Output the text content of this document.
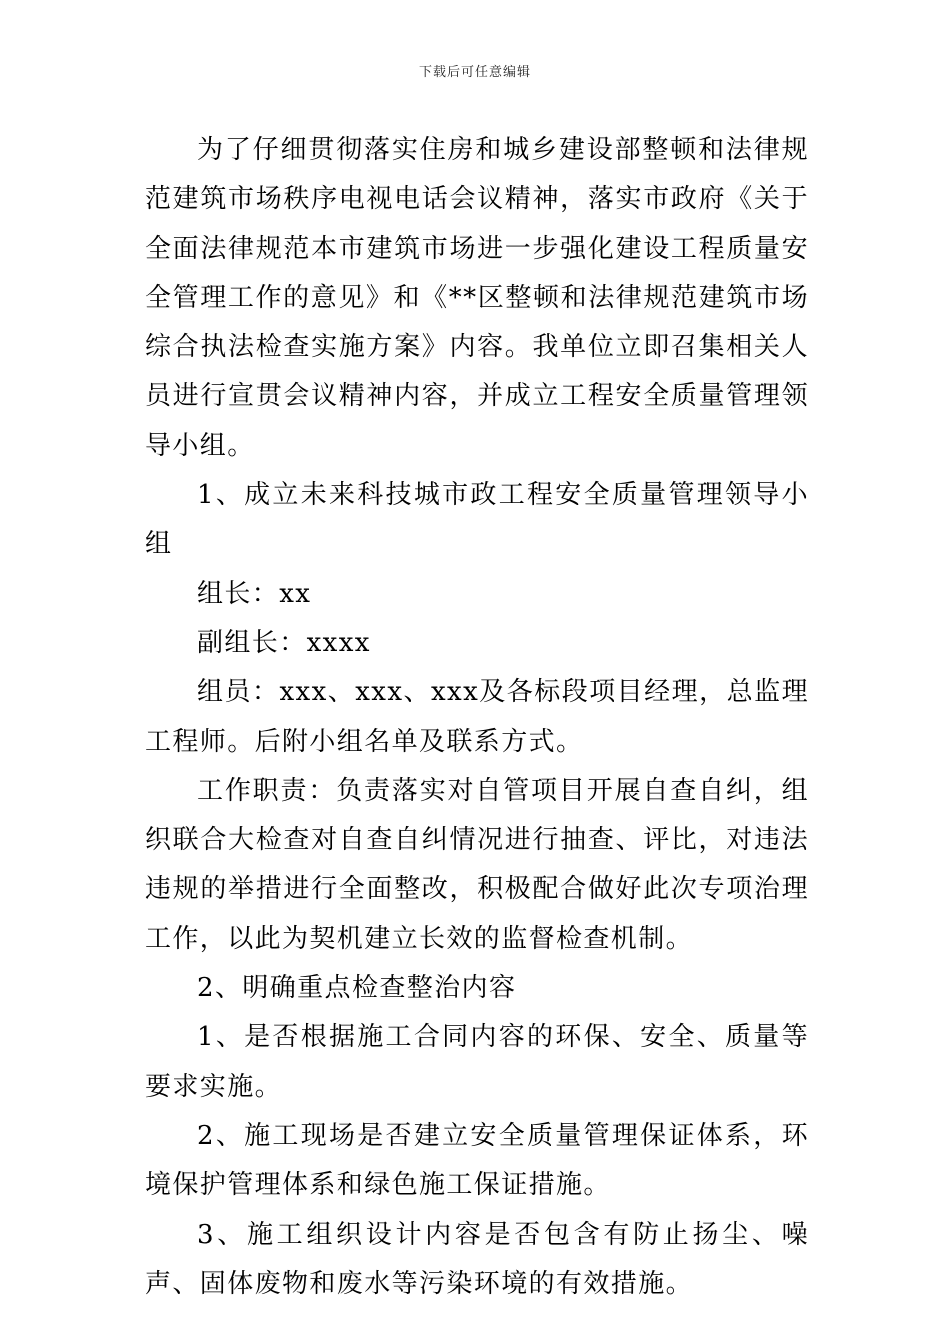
下载后可任意编辑

为了仔细贯彻落实住房和城乡建设部整顿和法律规范建筑市场秩序电视电话会议精神，落实市政府《关于全面法律规范本市建筑市场进一步强化建设工程质量安全管理工作的意见》和《**区整顿和法律规范建筑市场综合执法检查实施方案》内容。我单位立即召集相关人员进行宣贯会议精神内容，并成立工程安全质量管理领导小组。

1、成立未来科技城市政工程安全质量管理领导小组

组长：xx

副组长：xxxx

组员：xxx、xxx、xxx及各标段项目经理，总监理工程师。后附小组名单及联系方式。

工作职责：负责落实对自管项目开展自查自纠，组织联合大检查对自查自纠情况进行抽查、评比，对违法违规的举措进行全面整改，积极配合做好此次专项治理工作，以此为契机建立长效的监督检查机制。

2、明确重点检查整治内容

1、是否根据施工合同内容的环保、安全、质量等要求实施。

2、施工现场是否建立安全质量管理保证体系，环境保护管理体系和绿色施工保证措施。

3、施工组织设计内容是否包含有防止扬尘、噪声、固体废物和废水等污染环境的有效措施。
